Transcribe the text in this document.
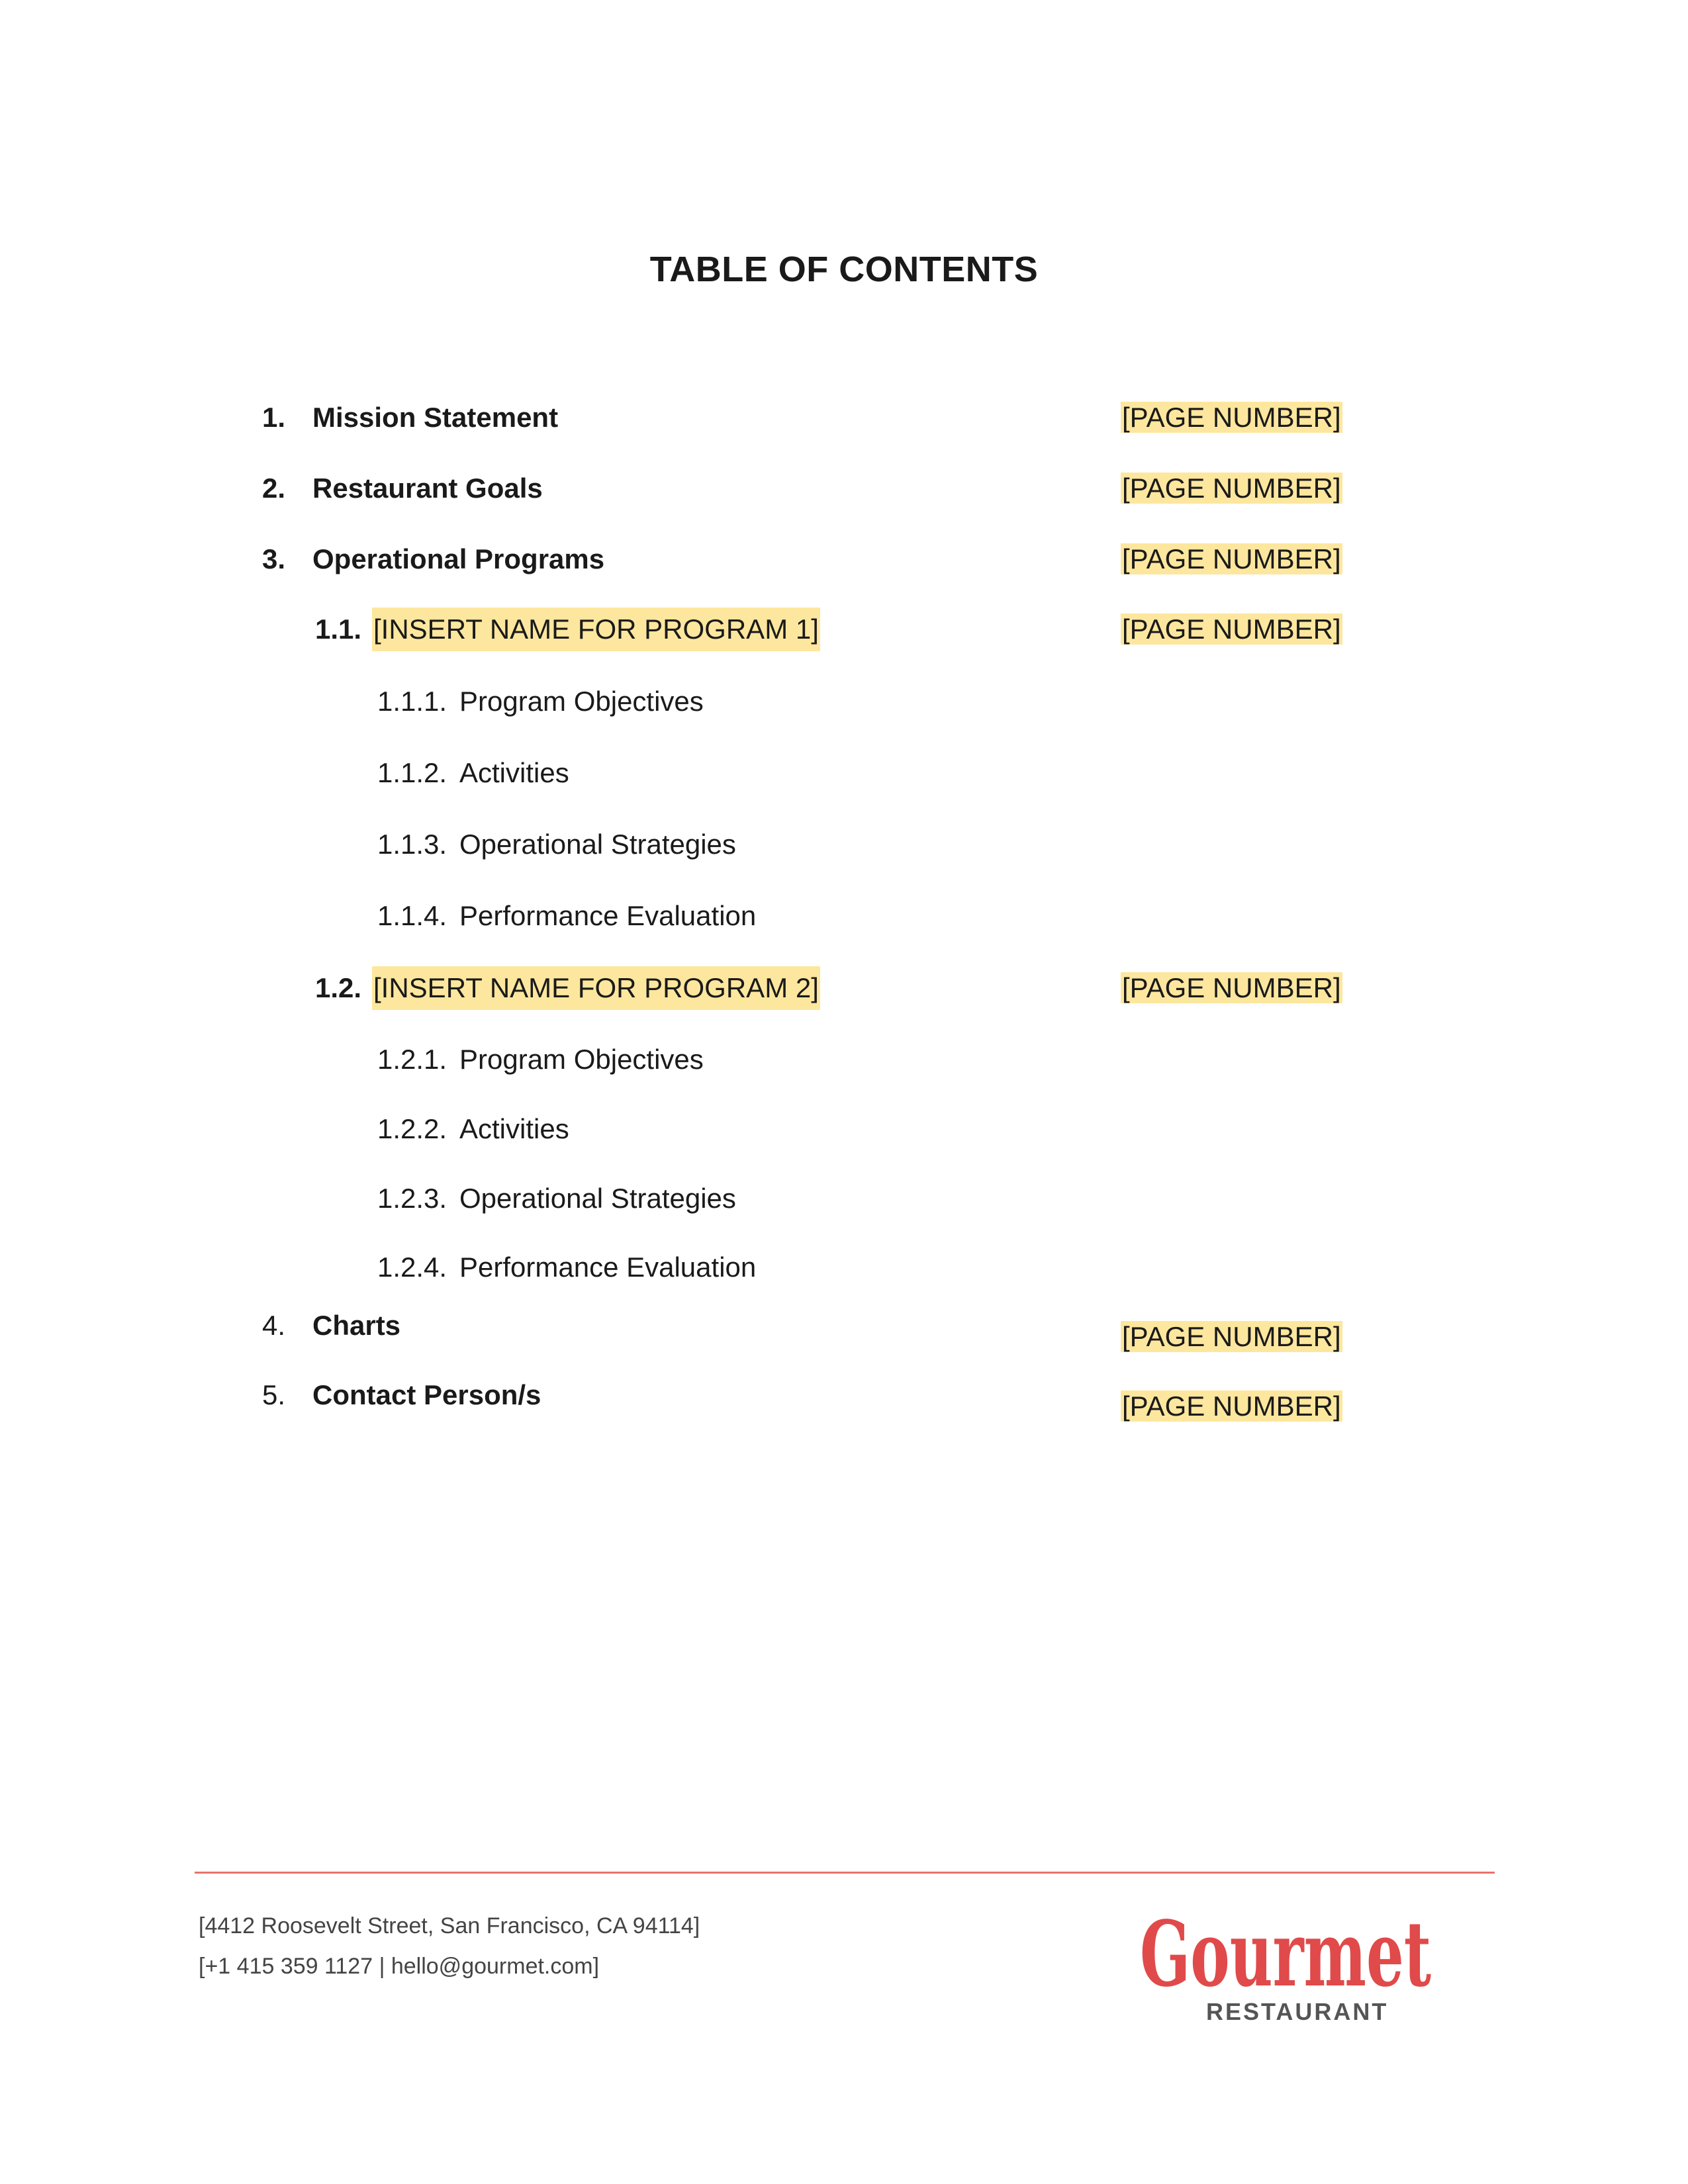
TABLE OF CONTENTS
1. Mission Statement	[PAGE NUMBER]
2. Restaurant Goals	[PAGE NUMBER]
3. Operational Programs	[PAGE NUMBER]
1.1. [INSERT NAME FOR PROGRAM 1]	[PAGE NUMBER]
1.1.1. Program Objectives
1.1.2. Activities
1.1.3. Operational Strategies
1.1.4. Performance Evaluation
1.2. [INSERT NAME FOR PROGRAM 2]	[PAGE NUMBER]
1.2.1. Program Objectives
1.2.2. Activities
1.2.3. Operational Strategies
1.2.4. Performance Evaluation
4. Charts	[PAGE NUMBER]
5. Contact Person/s	[PAGE NUMBER]
[4412 Roosevelt Street, San Francisco, CA 94114]
[+1 415 359 1127 | hello@gourmet.com]	Gourmet
RESTAURANT
